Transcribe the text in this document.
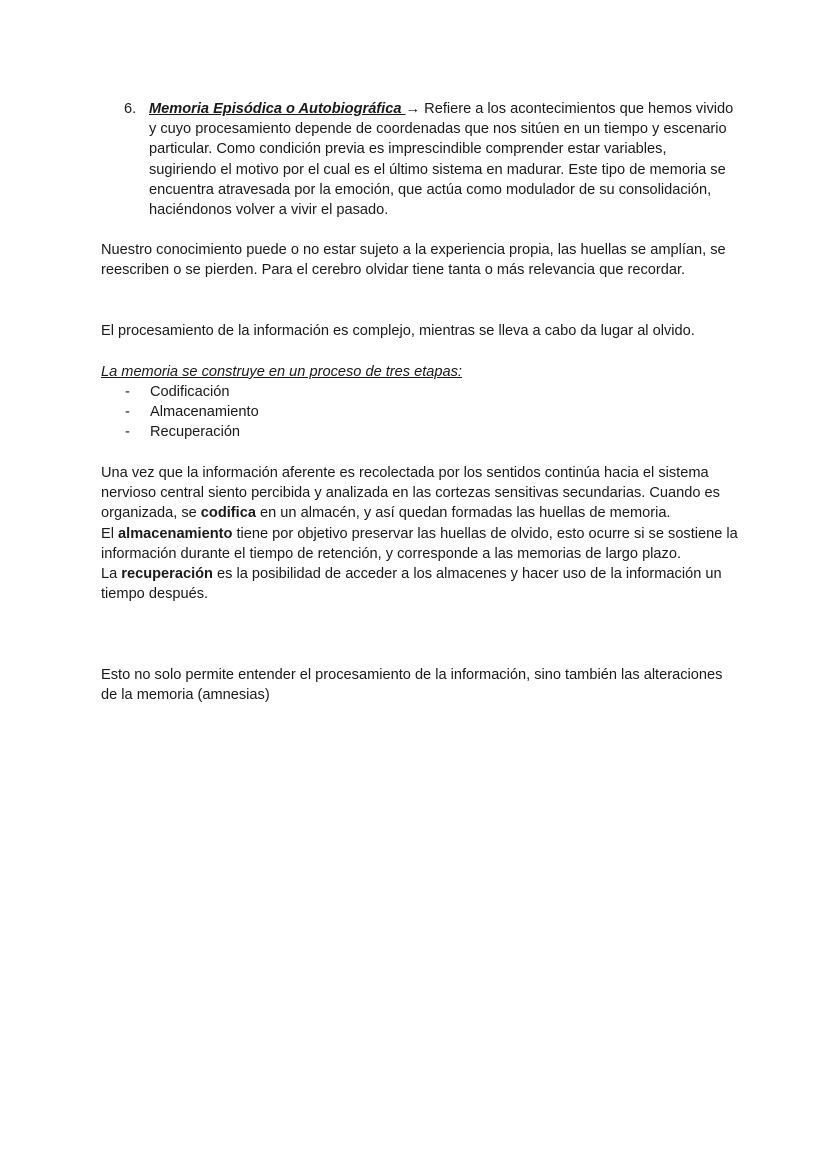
6. Memoria Episódica o Autobiográfica → Refiere a los acontecimientos que hemos vivido y cuyo procesamiento depende de coordenadas que nos sitúen en un tiempo y escenario particular. Como condición previa es imprescindible comprender estar variables, sugiriendo el motivo por el cual es el último sistema en madurar. Este tipo de memoria se encuentra atravesada por la emoción, que actúa como modulador de su consolidación, haciéndonos volver a vivir el pasado.

Nuestro conocimiento puede o no estar sujeto a la experiencia propia, las huellas se amplían, se reescriben o se pierden. Para el cerebro olvidar tiene tanta o más relevancia que recordar.

El procesamiento de la información es complejo, mientras se lleva a cabo da lugar al olvido.

La memoria se construye en un proceso de tres etapas:
- Codificación
- Almacenamiento
- Recuperación

Una vez que la información aferente es recolectada por los sentidos continúa hacia el sistema nervioso central siento percibida y analizada en las cortezas sensitivas secundarias. Cuando es organizada, se codifica en un almacén, y así quedan formadas las huellas de memoria.

El almacenamiento tiene por objetivo preservar las huellas de olvido, esto ocurre si se sostiene la información durante el tiempo de retención, y corresponde a las memorias de largo plazo.

La recuperación es la posibilidad de acceder a los almacenes y hacer uso de la información un tiempo después.

Esto no solo permite entender el procesamiento de la información, sino también las alteraciones de la memoria (amnesias)
